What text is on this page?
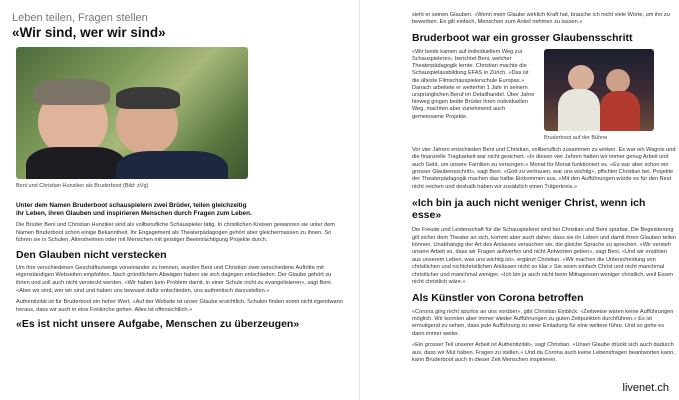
Leben teilen, Fragen stellen
«Wir sind, wer wir sind»
Beni und Christian Hunziker als Bruderboot (Bild: zVg)
Unter dem Namen Bruderboot schauspielern zwei Brüder, teilen gleichzeitig ihr Leben, ihren Glauben und inspirieren Menschen durch Fragen zum Leben.
Die Brüder Beni und Christian Hunziker sind als vollberufliche Schauspieler tätig. In christlichen Kreisen gewannen sie unter dem Namen Bruderboot schon einige Bekanntheit. Ihr Engagement als Theaterpädagogen gehört aber gleichermassen zu ihnen. So führen sie in Schulen, Altersheimen oder mit Menschen mit geistiger Beeinträchtigung Projekte durch.
Den Glauben nicht verstecken
Um ihre verschiedenen Geschäftszweige voneinander zu trennen, wurden Beni und Christian zwei verschiedene Auftritte mit eigenständigen Webseiten empfohlen. Nach gründlichem Abwägen haben sie sich dagegen entschieden. Der Glaube gehört zu ihnen und soll auch nicht versteckt werden. «Wir haben kein Problem damit, in einer Schule nicht zu evangelisieren», sagt Beni. «Aber wir sind, wer wir sind und haben uns bewusst dafür entschieden, uns authentisch darzustellen.»
Authentizität ist für Bruderboot ein hoher Wert. «Auf der Website ist unser Glaube ersichtlich. Schulen finden somit nicht irgendwann heraus, dass wir auch in eine Freikirche gehen. Alles ist offensichtlich.»
«Es ist nicht unsere Aufgabe, Menschen zu überzeugen»
sieht er seinen Glauben. «Wenn mein Glaube wirklich Kraft hat, brauche ich nicht viele Worte, um ihn zu bewerben. Es gilt einfach, Menschen zum Anteil nehmen zu lassen.»
Bruderboot war ein grosser Glaubensschritt
«Wir beide kamen auf individuellem Weg zur Schauspielerei», berichtet Beni, welcher Theaterpädagogik lernte. Christian machte die Schauspielausbildung EFAS in Zürich. «Das ist die älteste Filmschauspielerschule Europas.» Danach arbeitete er weiterhin 1 Jahr in seinem ursprünglichen Beruf im Detailhandel. Über Jahre hinweg gingen beide Brüder ihren individuellen Weg, machten aber zunehmend auch gemeinsame Projekte.
Bruderboot auf der Bühne
Vor vier Jahren entschieden Beni und Christian, vollberuflich zusammen zu wirken. Es war ein Wagnis und die finanzielle Tragbarkeit war nicht gesichert. «In diesen vier Jahren hatten wir immer genug Arbeit und auch Geld, um unsere Familien zu versorgen.» Monat für Monat funktioniert es. «Es war aber schon ein grosser Glaubensschritt», sagt Beni. «Gott zu vertrauen, war uns wichtig», pflichtet Christian bei. Projekte der Theaterpädagogik machen das halbe Einkommen aus. «Mit den Aufführungen würde es für den Rest nicht reichen und deshalb haben wir zusätzlich einen Trägerkreis.»
«Ich bin ja auch nicht weniger Christ, wenn ich esse»
Die Freude und Leidenschaft für die Schauspielerei sind bei Christian und Beni spürbar. Die Begeisterung gilt sicher dem Theater an sich, kommt aber auch daher, dass sie ihr Leben und damit ihren Glauben teilen können. Unabhängig der Art des Anlasses versuchen sie, die gleiche Sprache zu sprechen. «Wir versteh unsere Arbeit so, dass wir Fragen aufwerfen und nicht Antworten geben», sagt Beni. «Und wir erzählen aus unserem Leben, was uns wichtig ist», ergänzt Christian. «Wir machen die Unterscheidung von christlichen und nichtchristlichen Anlässen nicht so klar.» Sie seien einfach Christ und nicht manchmal christlicher und manchmal weniger. «Ich bin ja auch nicht beim Mittagessen weniger christlich, weil Essen nicht christlich wäre.»
Als Künstler von Corona betroffen
«Corona ging nicht spurlos an uns vorüber», gibt Christian Einblick. «Zeitweise waren keine Aufführungen möglich. Wir konnten aber immer wieder Aufführungen zu guten Zeitpunkten durchführen.» Es ist ermutigend zu sehen, dass jede Aufführung zu einer Einladung für eine weitere führe. Und so gehe es dann immer weiter.
«Ein grosser Teil unserer Arbeit ist Authentizität», sagt Christian. «Unser Glaube drückt sich auch dadurch aus, dass wir Mut haben, Fragen zu stellen.» Und da Corona auch keine Lebensfragen beantworten kann, kann Bruderboot auch in dieser Zeit Menschen inspirieren.
livenet.ch
